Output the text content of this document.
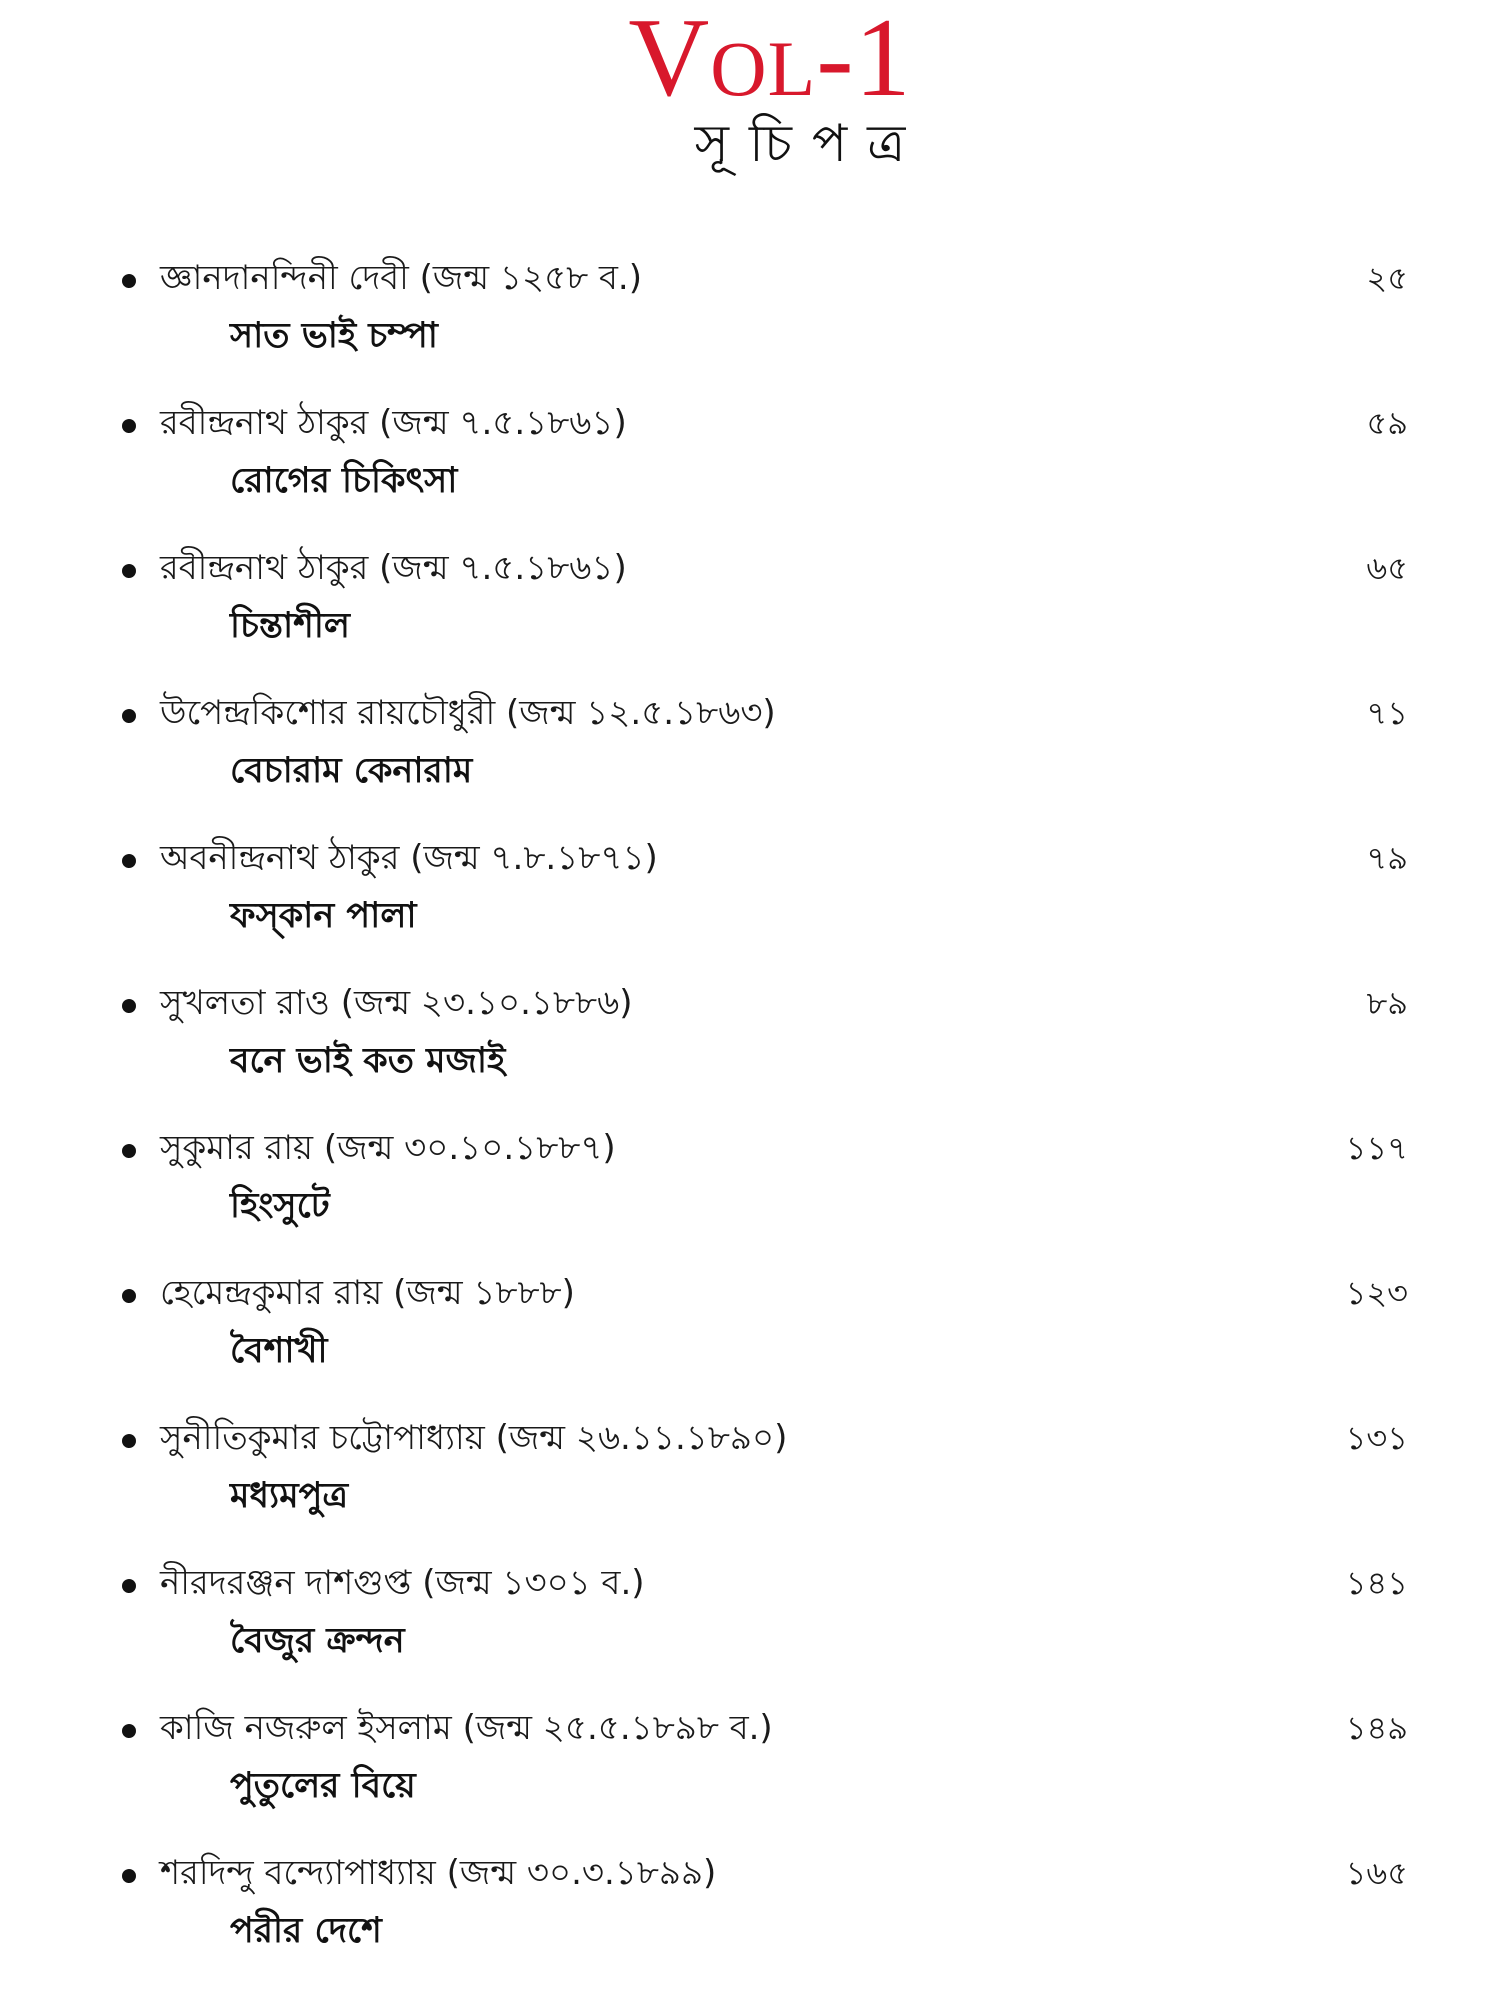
Vol-1
সূচিপত্র
জ্ঞানদানন্দিনী দেবী (জন্ম ১২৫৮ ব.)
সাত ভাই চম্পা
২৫
রবীন্দ্রনাথ ঠাকুর (জন্ম ৭.৫.১৮৬১)
রোগের চিকিৎসা
৫৯
রবীন্দ্রনাথ ঠাকুর (জন্ম ৭.৫.১৮৬১)
চিন্তাশীল
৬৫
উপেন্দ্রকিশোর রায়চৌধুরী (জন্ম ১২.৫.১৮৬৩)
বেচারাম কেনারাম
৭১
অবনীন্দ্রনাথ ঠাকুর (জন্ম ৭.৮.১৮৭১)
ফস্‌কান পালা
৭৯
সুখলতা রাও (জন্ম ২৩.১০.১৮৮৬)
বনে ভাই কত মজাই
৮৯
সুকুমার রায় (জন্ম ৩০.১০.১৮৮৭)
হিংসুটে
১১৭
হেমেন্দ্রকুমার রায় (জন্ম ১৮৮৮)
বৈশাখী
১২৩
সুনীতিকুমার চট্টোপাধ্যায় (জন্ম ২৬.১১.১৮৯০)
মধ্যমপুত্র
১৩১
নীরদরঞ্জন দাশগুপ্ত (জন্ম ১৩০১ ব.)
বৈজুর ক্রন্দন
১৪১
কাজি নজরুল ইসলাম (জন্ম ২৫.৫.১৮৯৮ ব.)
পুতুলের বিয়ে
১৪৯
শরদিন্দু বন্দ্যোপাধ্যায় (জন্ম ৩০.৩.১৮৯৯)
পরীর দেশে
১৬৫
